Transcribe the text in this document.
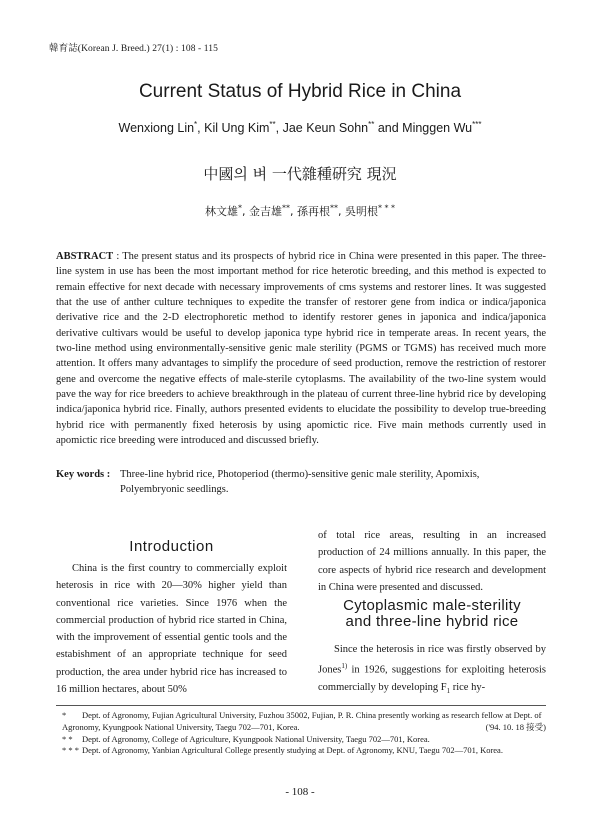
韓育誌(Korean J. Breed.) 27(1) : 108 - 115
Current Status of Hybrid Rice in China
Wenxiong Lin*, Kil Ung Kim**, Jae Keun Sohn** and Minggen Wu***
中國의 벼 一代雜種硏究 現況
林文雄*, 金吉雄**, 孫再根**, 吳明根* * *
ABSTRACT : The present status and its prospects of hybrid rice in China were presented in this paper. The three-line system in use has been the most important method for rice heterotic breeding, and this method is expected to remain effective for next decade with necessary improvements of cms systems and restorer lines. It was suggested that the use of anther culture techniques to expedite the transfer of restorer gene from indica or indica/japonica derivative rice and the 2-D electrophoretic method to identify restorer genes in japonica and indica/japonica derivative cultivars would be useful to develop japonica type hybrid rice in temperate areas. In recent years, the two-line method using environmentally-sensitive genic male sterility (PGMS or TGMS) has received much more attention. It offers many advantages to simplify the procedure of seed production, remove the restriction of restorer gene and overcome the negative effects of male-sterile cytoplasms. The availability of the two-line system would pave the way for rice breeders to achieve breakthrough in the plateau of current three-line hybrid rice by developing indica/japonica hybrid rice. Finally, authors presented evidents to elucidate the possibility to develop true-breeding hybrid rice with permanently fixed heterosis by using apomictic rice. Five main methods currently used in apomictic rice breeding were introduced and discussed briefly.
Key words : Three-line hybrid rice, Photoperiod (thermo)-sensitive genic male sterility, Apomixis, Polyembryonic seedlings.
Introduction

China is the first country to commercially exploit heterosis in rice with 20—30% higher yield than conventional rice varieties. Since 1976 when the commercial production of hybrid rice started in China, with the improvement of essential gentic tools and the estabishment of an appropriate technique for seed production, the area under hybrid rice has increased to 16 million hectares, about 50%

of total rice areas, resulting in an increased production of 24 millions annually. In this paper, the core aspects of hybrid rice research and development in China were presented and discussed.

Cytoplasmic male-sterility
and three-line hybrid rice

Since the heterosis in rice was firstly observed by Jones$^{1)}$ in 1926, suggestions for exploiting heterosis commercially by developing $F_1$ rice hy-

* Dept. of Agronomy, Fujian Agricultural University, Fuzhou 35002, Fujian, P. R. China presently working as research fellow at Dept. of Agronomy, Kyungpook National University, Taegu 702—701, Korea.	('94. 10. 18 接受)
* * Dept. of Agronomy, College of Agriculture, Kyungpook National University, Taegu 702—701, Korea.
* * * Dept. of Agronomy, Yanbian Agricultural College presently studying at Dept. of Agronomy, KNU, Taegu 702—701, Korea.
- 108 -
